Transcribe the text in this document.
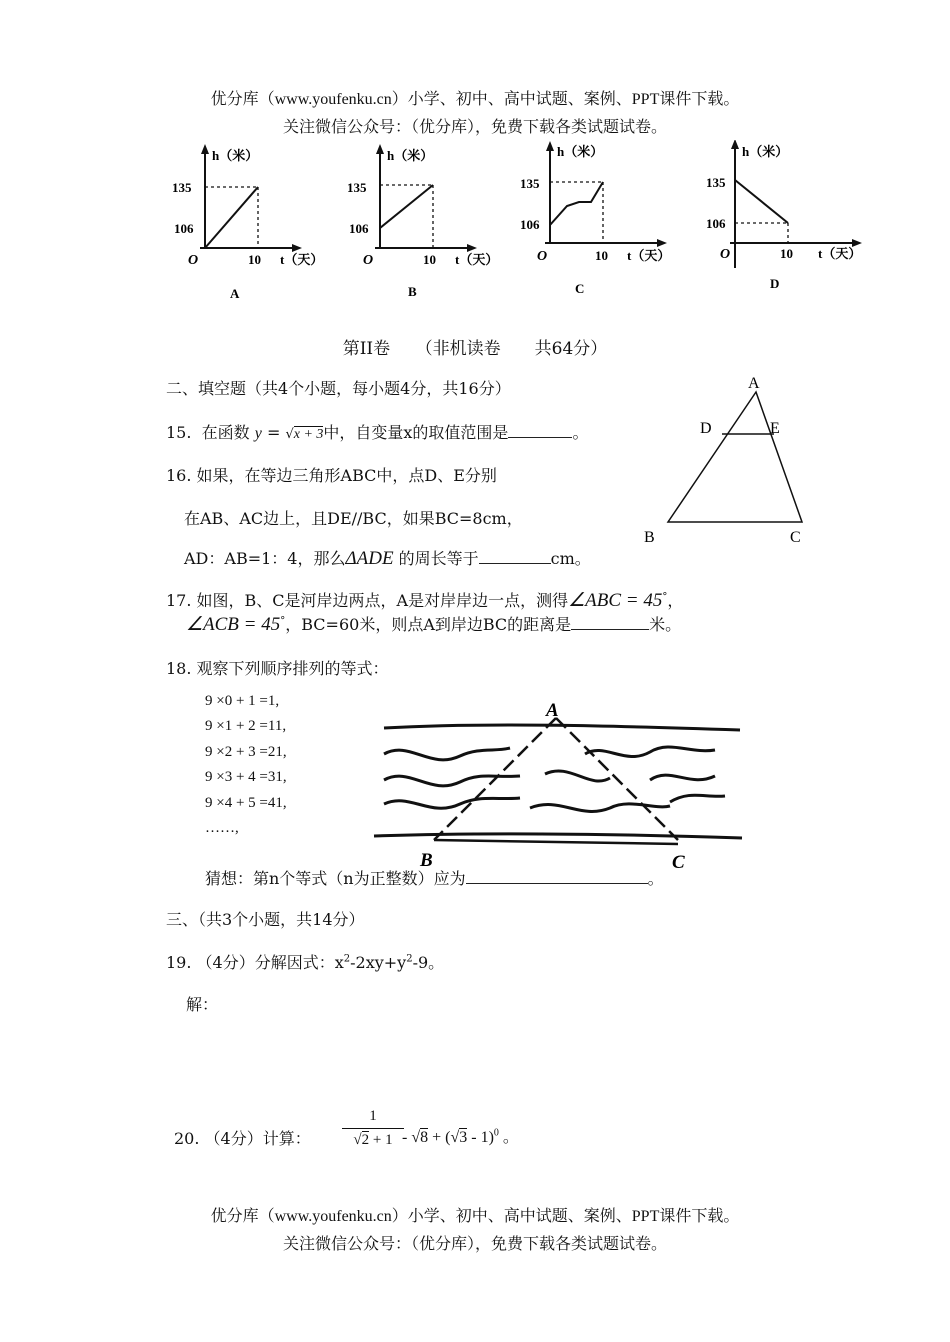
优分库（www.youfenku.cn）小学、初中、高中试题、案例、PPT课件下载。
关注微信公众号：（优分库），免费下载各类试题试卷。
h（米）
135
106
O	10 t（天）
A
h（米）
135
106
O	10 t（天）
B
h（米）
135
106
O	10 t（天）
C
h（米）
135
106
O	10 t（天）
D
第II卷　　（非机读卷　　共64分）
二、填空题（共4个小题，每小题4分，共16分）
15. 在函数 y = √x + 3中，自变量x的取值范围是	。
A
D	E
B	C
16. 如果，在等边三角形ABC中，点D、E分别
在AB、AC边上，且DE//BC，如果BC=8cm，
AD：AB=1：4，那么ΔADE 的周长等于	cm。
17. 如图，B、C是河岸边两点，A是对岸岸边一点，测得∠ABC = 45°，
∠ACB = 45°，BC=60米，则点A到岸边BC的距离是	米。
18. 观察下列顺序排列的等式：
9 ×0 + 1 =1,
9 ×1 + 2 =11,
9 ×2 + 3 =21,
9 ×3 + 4 =31,
9 ×4 + 5 =41,
……,
A
B	C
猜想：第n个等式（n为正整数）应为	。
三、（共3个小题，共14分）
19. （4分）分解因式：$x^2-2xy+y^2-9$。
解：
20. （4分）计算： $\frac{1}{√2 + 1}$
- √8 + (√3 - 1)$^0$ 。
优分库（www.youfenku.cn）小学、初中、高中试题、案例、PPT课件下载。
关注微信公众号：（优分库），免费下载各类试题试卷。
